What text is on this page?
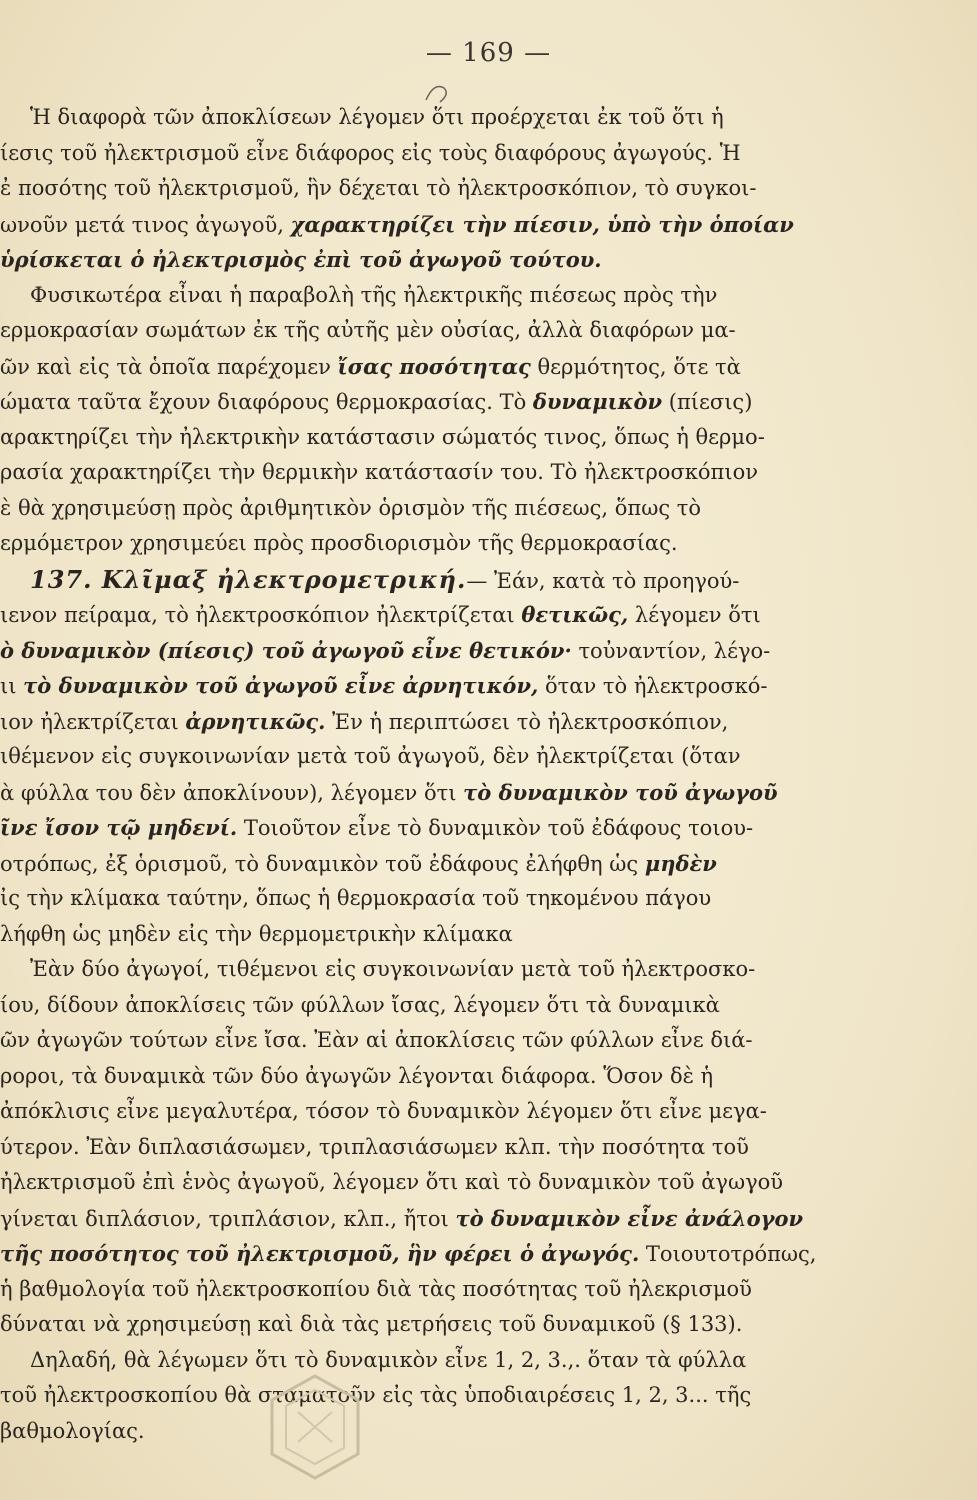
— 169 —
Ἡ διαφορὰ τῶν ἀποκλίσεων λέγομεν ὅτι προέρχεται ἐκ τοῦ ὅτι ἡ
ίεσις τοῦ ἠλεκτρισμοῦ εἶνε διάφορος εἰς τοὺς διαφόρους ἀγωγούς. Ἡ
ἐ ποσότης τοῦ ἠλεκτρισμοῦ, ἣν δέχεται τὸ ἠλεκτροσκόπιον, τὸ συγκοι-
ωνοῦν μετά τινος ἀγωγοῦ, χαρακτηρίζει τὴν πίεσιν, ὑπὸ τὴν ὁποίαν
ὑρίσκεται ὁ ἠλεκτρισμὸς ἐπὶ τοῦ ἀγωγοῦ τούτου.
Φυσικωτέρα εἶναι ἡ παραβολὴ τῆς ἠλεκτρικῆς πιέσεως πρὸς τὴν
ερμοκρασίαν σωμάτων ἐκ τῆς αὐτῆς μὲν οὐσίας, ἀλλὰ διαφόρων μα-
ῶν καὶ εἰς τὰ ὁποῖα παρέχομεν ἴσας ποσότητας θερμότητος, ὅτε τὰ
ώματα ταῦτα ἔχουν διαφόρους θερμοκρασίας. Τὸ δυναμικὸν (πίεσις)
αρακτηρίζει τὴν ἠλεκτρικὴν κατάστασιν σώματός τινος, ὅπως ἡ θερμο-
ρασία χαρακτηρίζει τὴν θερμικὴν κατάστασίν του. Τὸ ἠλεκτροσκόπιον
ὲ θὰ χρησιμεύσῃ πρὸς ἀριθμητικὸν ὁρισμὸν τῆς πιέσεως, ὅπως τὸ
ερμόμετρον χρησιμεύει πρὸς προσδιορισμὸν τῆς θερμοκρασίας.
137. Κλῖμαξ ἠλεκτρομετρική.— Ἐάν, κατὰ τὸ προηγού-
ιενον πείραμα, τὸ ἠλεκτροσκόπιον ἠλεκτρίζεται θετικῶς, λέγομεν ὅτι
ὸ δυναμικὸν (πίεσις) τοῦ ἀγωγοῦ εἶνε θετικόν· τοὐναντίον, λέγο-
ιι τὸ δυναμικὸν τοῦ ἀγωγοῦ εἶνε ἀρνητικόν, ὅταν τὸ ἠλεκτροσκό-
ιον ἠλεκτρίζεται ἀρνητικῶς. Ἐν ἡ περιπτώσει τὸ ἠλεκτροσκόπιον,
ιθέμενον εἰς συγκοινωνίαν μετὰ τοῦ ἀγωγοῦ, δὲν ἠλεκτρίζεται (ὅταν
ὰ φύλλα του δὲν ἀποκλίνουν), λέγομεν ὅτι τὸ δυναμικὸν τοῦ ἀγωγοῦ
ῖνε ἴσον τῷ μηδενί. Τοιοῦτον εἶνε τὸ δυναμικὸν τοῦ ἐδάφους τοιου-
οτρόπως, ἐξ ὁρισμοῦ, τὸ δυναμικὸν τοῦ ἐδάφους ἐλήφθη ὡς μηδὲν
ἰς τὴν κλίμακα ταύτην, ὅπως ἡ θερμοκρασία τοῦ τηκομένου πάγου
λήφθη ὡς μηδὲν εἰς τὴν θερμομετρικὴν κλίμακα
Ἐὰν δύο ἀγωγοί, τιθέμενοι εἰς συγκοινωνίαν μετὰ τοῦ ἠλεκτροσκο-
ίου, δίδουν ἀποκλίσεις τῶν φύλλων ἴσας, λέγομεν ὅτι τὰ δυναμικὰ
ῶν ἀγωγῶν τούτων εἶνε ἴσα. Ἐὰν αἱ ἀποκλίσεις τῶν φύλλων εἶνε διά-
ροροι, τὰ δυναμικὰ τῶν δύο ἀγωγῶν λέγονται διάφορα. Ὅσον δὲ ἡ
ἀπόκλισις εἶνε μεγαλυτέρα, τόσον τὸ δυναμικὸν λέγομεν ὅτι εἶνε μεγα-
ύτερον. Ἐὰν διπλασιάσωμεν, τριπλασιάσωμεν κλπ. τὴν ποσότητα τοῦ
ἠλεκτρισμοῦ ἐπὶ ἑνὸς ἀγωγοῦ, λέγομεν ὅτι καὶ τὸ δυναμικὸν τοῦ ἀγωγοῦ
γίνεται διπλάσιον, τριπλάσιον, κλπ., ἤτοι τὸ δυναμικὸν εἶνε ἀνάλογον
τῆς ποσότητος τοῦ ἠλεκτρισμοῦ, ἣν φέρει ὁ ἀγωγός. Τοιουτοτρόπως,
ἡ βαθμολογία τοῦ ἠλεκτροσκοπίου διὰ τὰς ποσότητας τοῦ ἠλεκρισμοῦ
δύναται νὰ χρησιμεύσῃ καὶ διὰ τὰς μετρήσεις τοῦ δυναμικοῦ (§ 133).
Δηλαδή, θὰ λέγωμεν ὅτι τὸ δυναμικὸν εἶνε 1, 2, 3.,. ὅταν τὰ φύλλα
τοῦ ἠλεκτροσκοπίου θὰ σταματοῦν εἰς τὰς ὑποδιαιρέσεις 1, 2, 3... τῆς
βαθμολογίας.
